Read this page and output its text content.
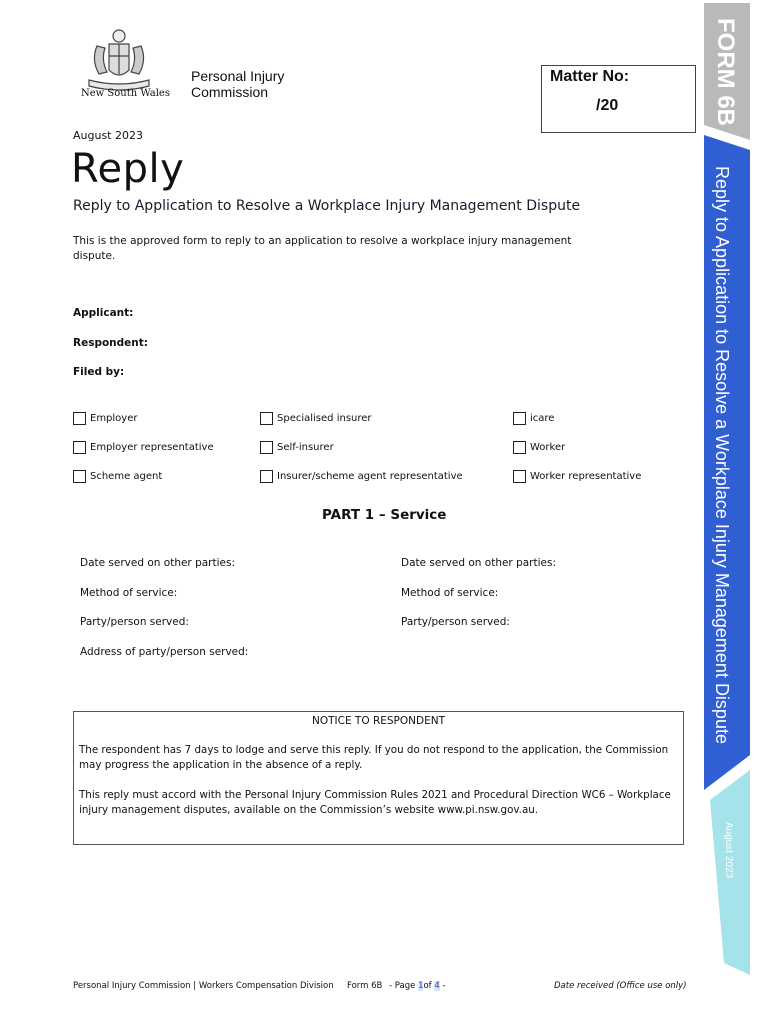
New South Wales
Personal Injury
Commission
Matter No:
/20	FORM 6B
Reply to Application to Resolve a Workplace Injury Management Dispute
August 2023
August 2023
Reply
Reply to Application to Resolve a Workplace Injury Management Dispute
This is the approved form to reply to an application to resolve a workplace injury management dispute.
Applicant:
Respondent:
Filed by:
Employer	Specialised insurer	icare
Employer representative	Self-insurer	Worker
Scheme agent	Insurer/scheme agent representative	Worker representative
PART 1 – Service
Date served on other parties:
Method of service:
Party/person served:
Address of party/person served:
Date served on other parties:
Method of service:
Party/person served:
NOTICE TO RESPONDENT
The respondent has 7 days to lodge and serve this reply. If you do not respond to the application, the Commission may progress the application in the absence of a reply.
This reply must accord with the Personal Injury Commission Rules 2021 and Procedural Direction WC6 – Workplace injury management disputes, available on the Commission’s website www.pi.nsw.gov.au.
Personal Injury Commission | Workers Compensation Division Form 6B - Page 1of 4 -	Date received (Office use only)
